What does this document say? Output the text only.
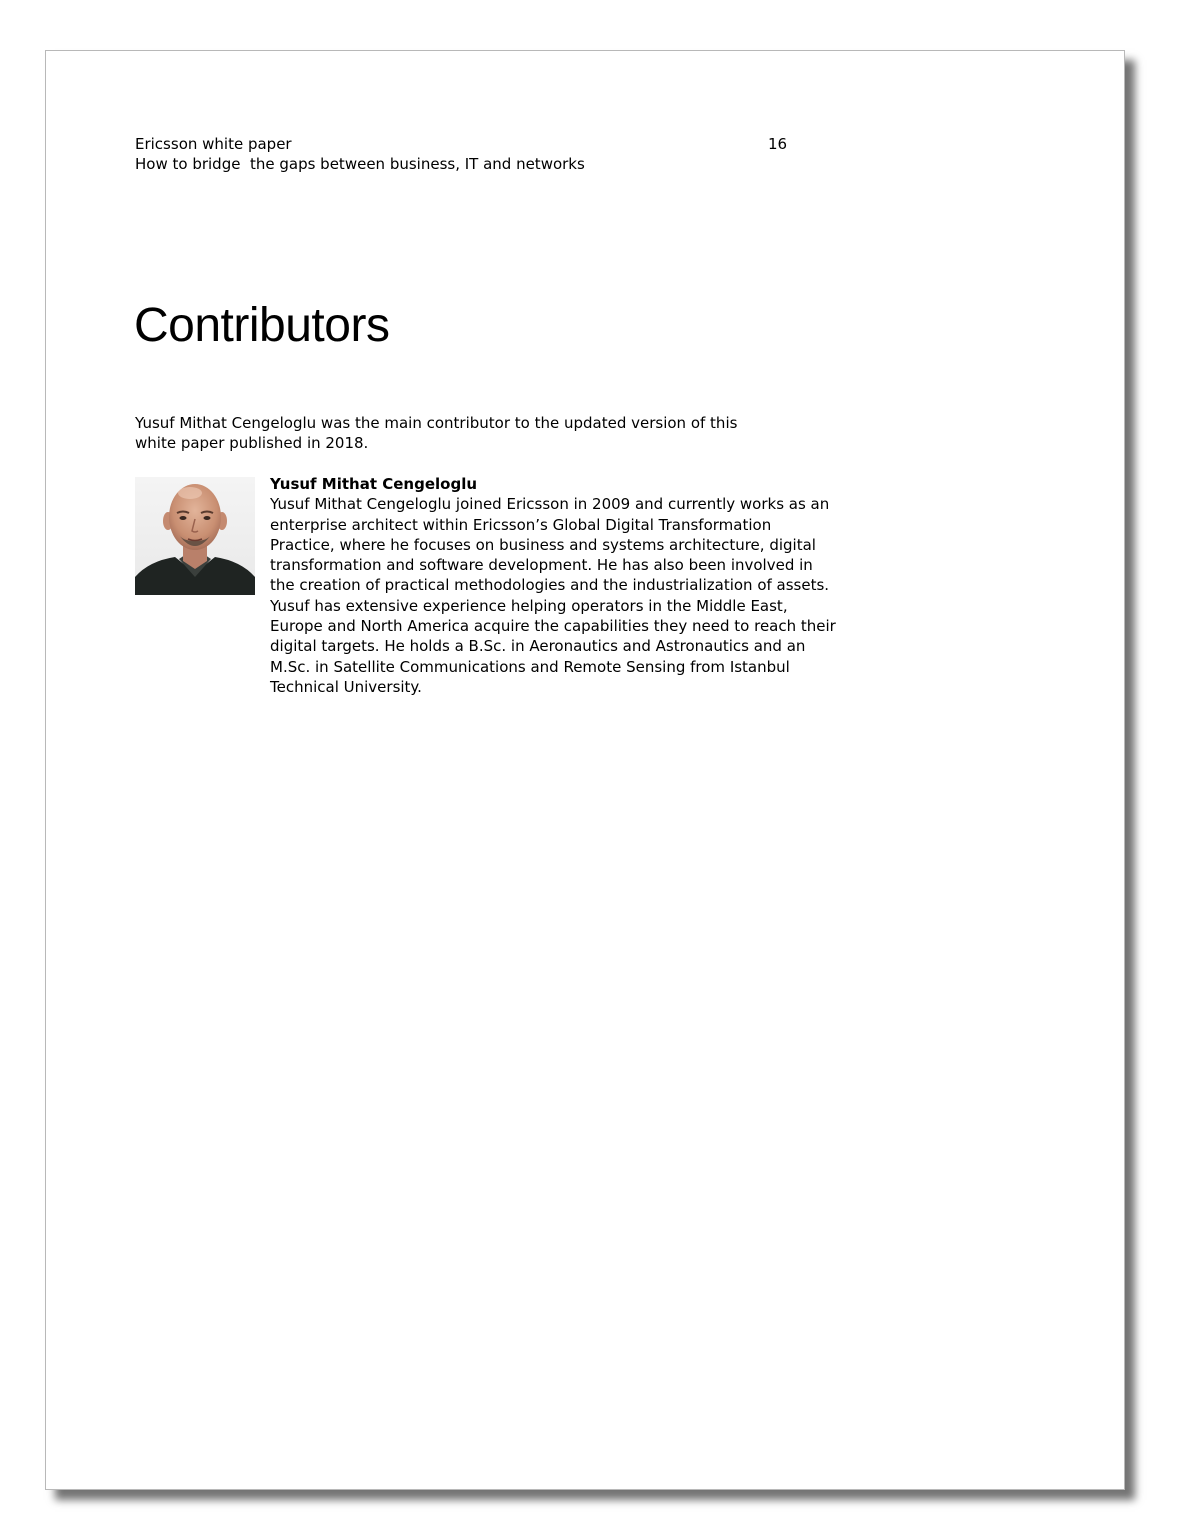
Ericsson white paper
How to bridge  the gaps between business, IT and networks
16
Contributors

Yusuf Mithat Cengeloglu was the main contributor to the updated version of this white paper published in 2018.

Yusuf Mithat Cengeloglu
Yusuf Mithat Cengeloglu joined Ericsson in 2009 and currently works as an enterprise architect within Ericsson’s Global Digital Transformation Practice, where he focuses on business and systems architecture, digital transformation and software development. He has also been involved in the creation of practical methodologies and the industrialization of assets. Yusuf has extensive experience helping operators in the Middle East, Europe and North America acquire the capabilities they need to reach their digital targets. He holds a B.Sc. in Aeronautics and Astronautics and an M.Sc. in Satellite Communications and Remote Sensing from Istanbul Technical University.
